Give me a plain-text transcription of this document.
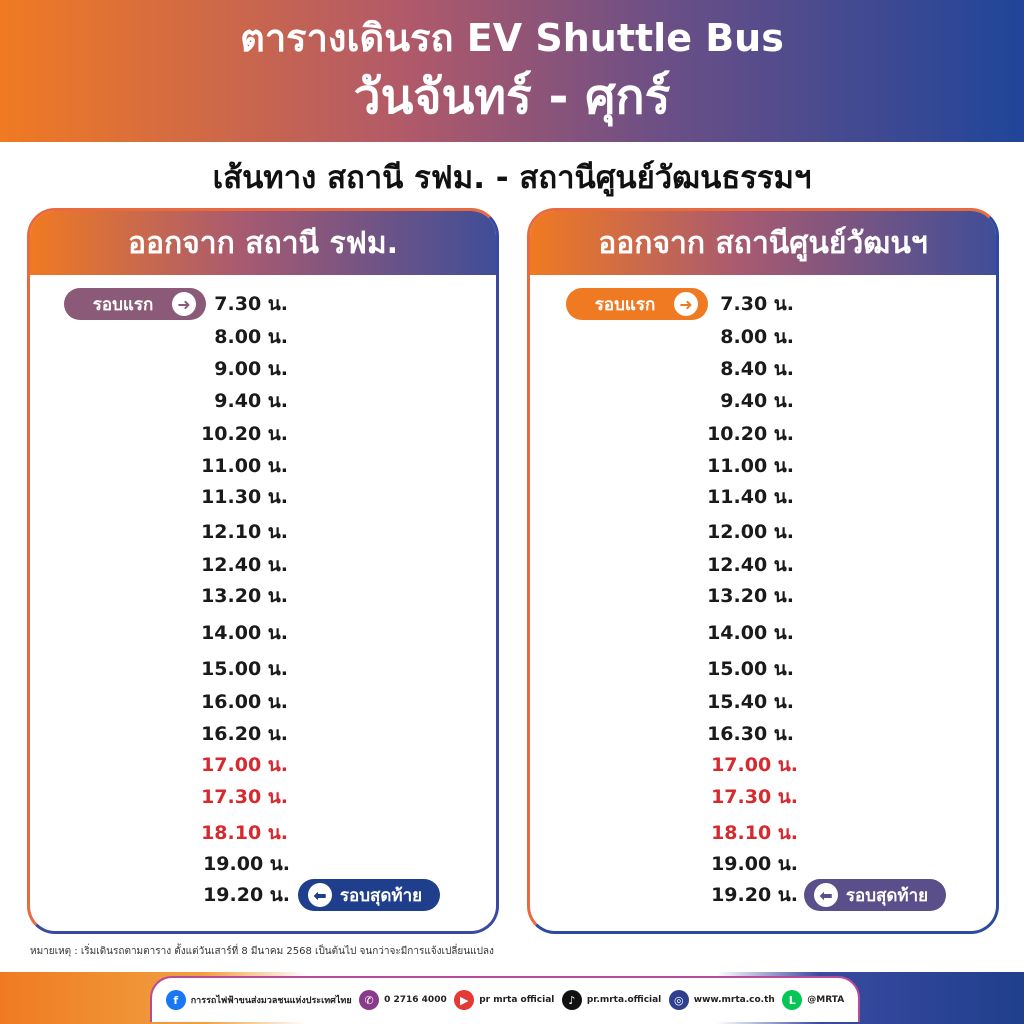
ตารางเดินรถ EV Shuttle Bus
วันจันทร์ - ศุกร์
เส้นทาง สถานี รฟม. - สถานีศูนย์วัฒนธรรมฯ
ออกจาก สถานี รฟม.
รอบแรก	➜	7.30 น.
8.00 น.
9.00 น.
9.40 น.
10.20 น.
11.00 น.
11.30 น.
12.10 น.
12.40 น.
13.20 น.
14.00 น.
15.00 น.
16.00 น.
16.20 น.
17.00 น.
17.30 น.
18.10 น.
19.00 น.
19.20 น.	⬅ รอบสุดท้าย
ออกจาก สถานีศูนย์วัฒนฯ
รอบแรก	➜	7.30 น.
8.00 น.
8.40 น.
9.40 น.
10.20 น.
11.00 น.
11.40 น.
12.00 น.
12.40 น.
13.20 น.
14.00 น.
15.00 น.
15.40 น.
16.30 น.
17.00 น.
17.30 น.
18.10 น.
19.00 น.
19.20 น.	⬅ รอบสุดท้าย
หมายเหตุ : เริ่มเดินรถตามตาราง ตั้งแต่วันเสาร์ที่ 8 มีนาคม 2568 เป็นต้นไป จนกว่าจะมีการแจ้งเปลี่ยนแปลง
f	การรถไฟฟ้าขนส่งมวลชนแห่งประเทศไทย	✆	0 2716 4000	▶	pr mrta official	♪	pr.mrta.official	◎	www.mrta.co.th	L	@MRTA
